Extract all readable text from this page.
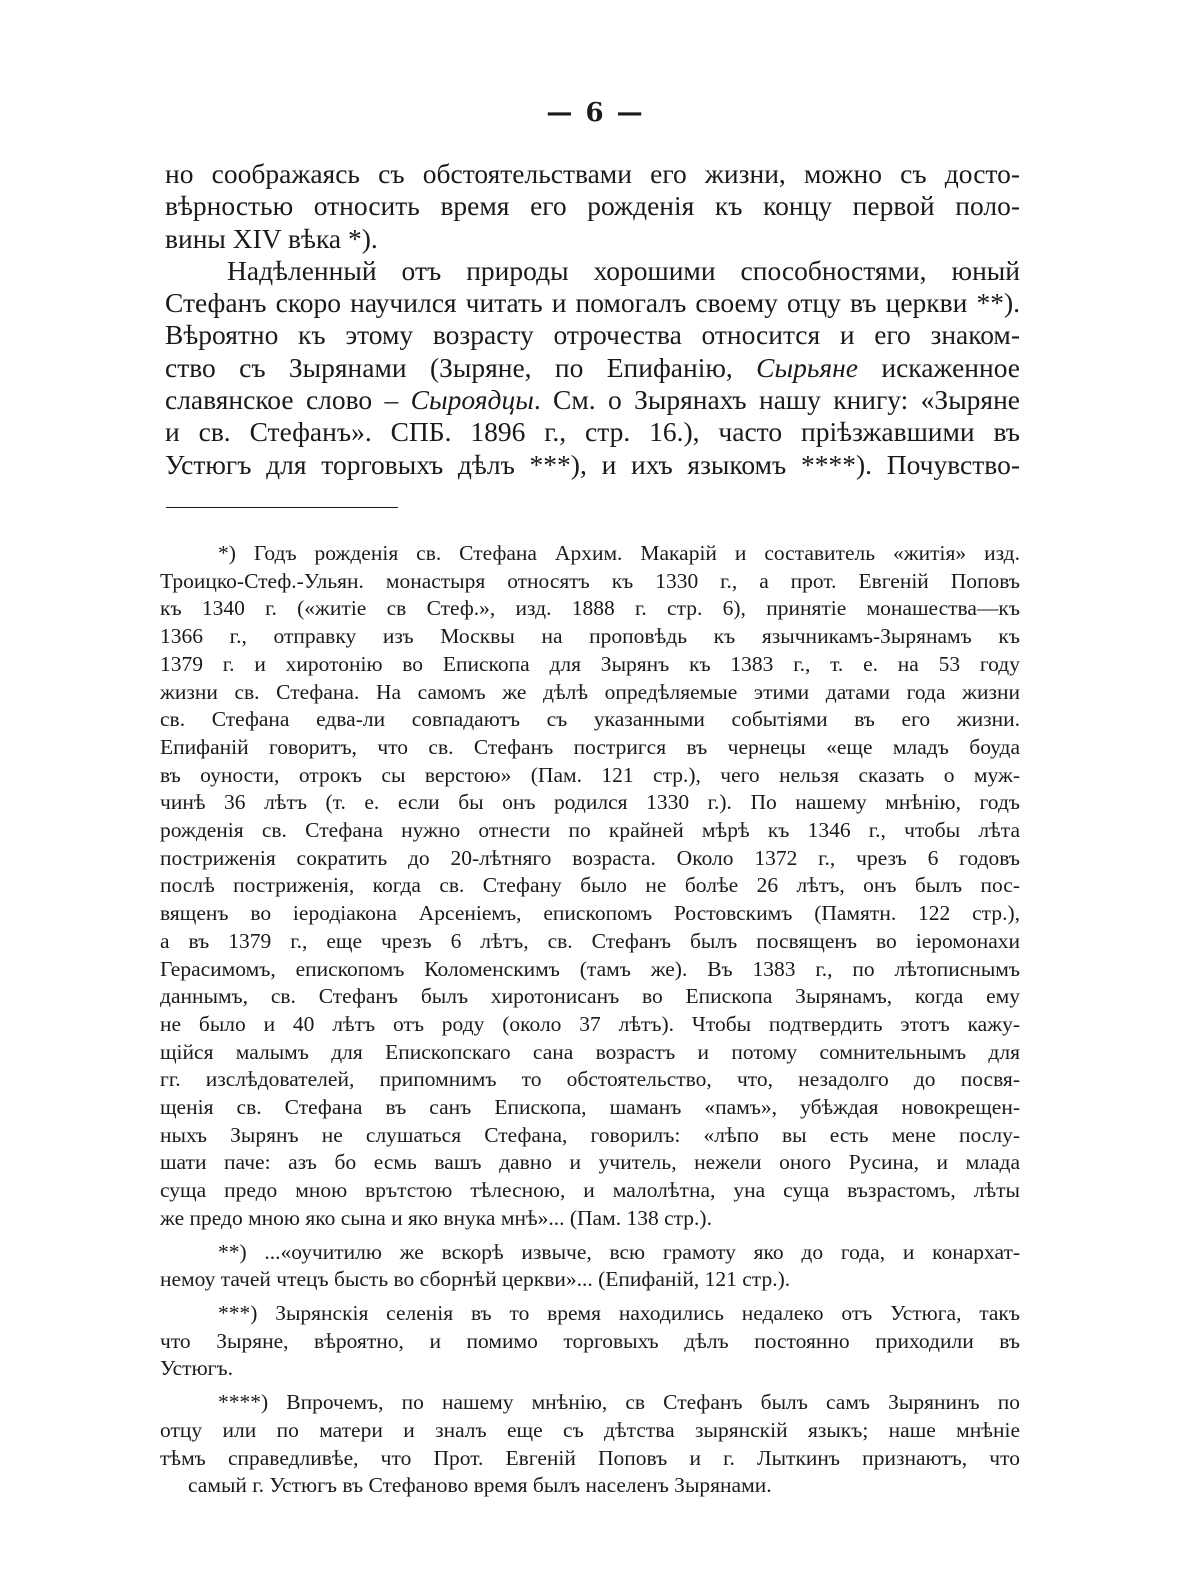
— 6 —
но соображаясь съ обстоятельствами его жизни, можно съ досто-
вѣрностью относить время его рожденія къ концу первой поло-
вины XIV вѣка *).
Надѣленный отъ природы хорошими способностями, юный
Стефанъ скоро научился читать и помогалъ своему отцу въ церкви **).
Вѣроятно къ этому возрасту отрочества относится и его знаком-
ство съ Зырянами (Зыряне, по Епифанію, Сырьяне искаженное
славянское слово – Сыроядцы. См. о Зырянахъ нашу книгу: «Зыряне
и св. Стефанъ». СПБ. 1896 г., стр. 16.), часто пріѣзжавшими въ
Устюгъ для торговыхъ дѣлъ ***), и ихъ языкомъ ****). Почувство-
*) Годъ рожденія св. Стефана Архим. Макарій и составитель «житія» изд.
Троицко-Стеф.-Ульян. монастыря относятъ къ 1330 г., а прот. Евгеній Поповъ
къ 1340 г. («житіе св Стеф.», изд. 1888 г. стр. 6), принятіе монашества—къ
1366 г., отправку изъ Москвы на проповѣдь къ язычникамъ-Зырянамъ къ
1379 г. и хиротонію во Епископа для Зырянъ къ 1383 г., т. е. на 53 году
жизни св. Стефана. На самомъ же дѣлѣ опредѣляемые этими датами года жизни
св. Стефана едва-ли совпадаютъ съ указанными событіями въ его жизни.
Епифаній говоритъ, что св. Стефанъ постригся въ чернецы «еще младъ боуда
въ оуности, отрокъ сы верстою» (Пам. 121 стр.), чего нельзя сказать о муж-
чинѣ 36 лѣтъ (т. е. если бы онъ родился 1330 г.). По нашему мнѣнію, годъ
рожденія св. Стефана нужно отнести по крайней мѣрѣ къ 1346 г., чтобы лѣта
постриженія сократить до 20-лѣтняго возраста. Около 1372 г., чрезъ 6 годовъ
послѣ постриженія, когда св. Стефану было не болѣе 26 лѣтъ, онъ былъ пос-
вященъ во іеродіакона Арсеніемъ, епископомъ Ростовскимъ (Памятн. 122 стр.),
а въ 1379 г., еще чрезъ 6 лѣтъ, св. Стефанъ былъ посвященъ во іеромонахи
Герасимомъ, епископомъ Коломенскимъ (тамъ же). Въ 1383 г., по лѣтописнымъ
даннымъ, св. Стефанъ былъ хиротонисанъ во Епископа Зырянамъ, когда ему
не было и 40 лѣтъ отъ роду (около 37 лѣтъ). Чтобы подтвердить этотъ кажу-
щійся малымъ для Епископскаго сана возрастъ и потому сомнительнымъ для
гг. изслѣдователей, припомнимъ то обстоятельство, что, незадолго до посвя-
щенія св. Стефана въ санъ Епископа, шаманъ «памъ», убѣждая новокрещен-
ныхъ Зырянъ не слушаться Стефана, говорилъ: «лѣпо вы есть мене послу-
шати паче: азъ бо есмь вашъ давно и учитель, нежели оного Русина, и млада
суща предо мною врътстою тѣлесною, и малолѣтна, уна суща възрастомъ, лѣты
же предо мною яко сына и яко внука мнѣ»... (Пам. 138 стр.).
**) ...«оучитилю же вскорѣ извыче, всю грамоту яко до года, и конархат-
немоу тачей чтецъ бысть во сборнѣй церкви»... (Епифаній, 121 стр.).
***) Зырянскія селенія въ то время находились недалеко отъ Устюга, такъ
что Зыряне, вѣроятно, и помимо торговыхъ дѣлъ постоянно приходили въ
Устюгъ.
****) Впрочемъ, по нашему мнѣнію, св Стефанъ былъ самъ Зырянинъ по
отцу или по матери и зналъ еще съ дѣтства зырянскій языкъ; наше мнѣніе
тѣмъ справедливѣе, что Прот. Евгеній Поповъ и г. Лыткинъ признаютъ, что
самый г. Устюгъ въ Стефаново время былъ населенъ Зырянами.
